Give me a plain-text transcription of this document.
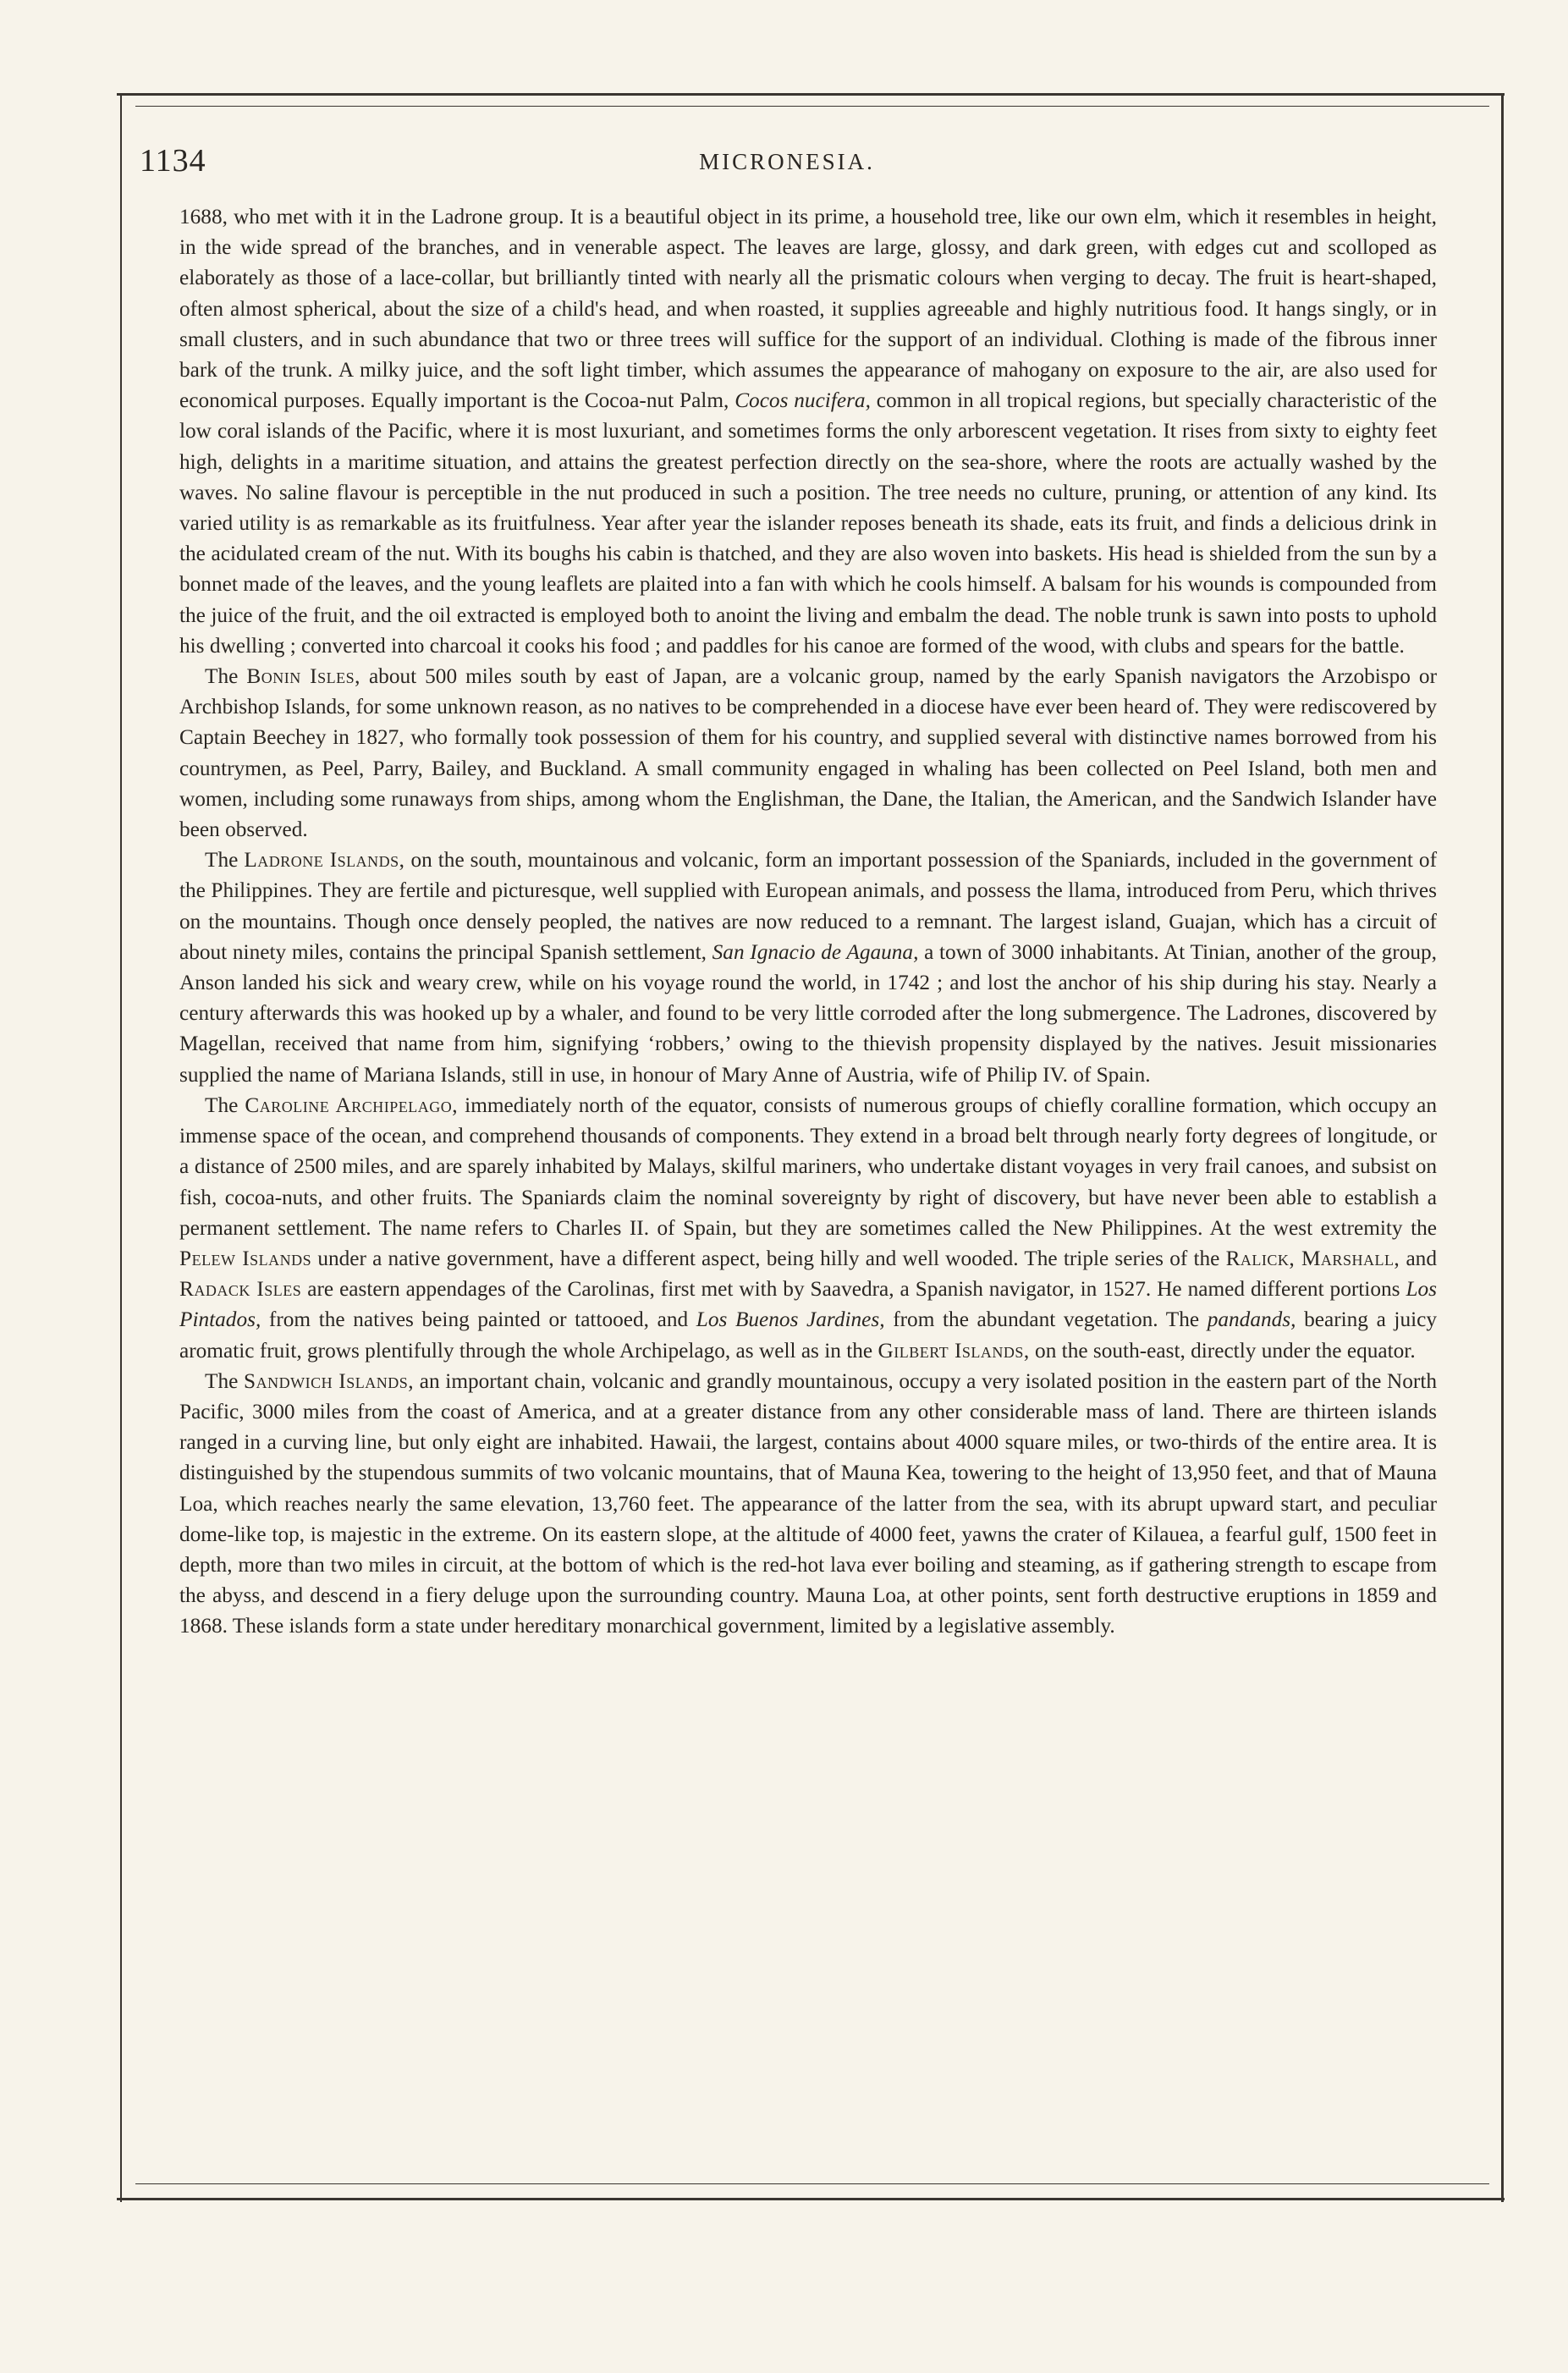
1134	MICRONESIA.

1688, who met with it in the Ladrone group. It is a beautiful object in its prime, a household tree, like our own elm, which it resembles in height, in the wide spread of the branches, and in venerable aspect. The leaves are large, glossy, and dark green, with edges cut and scolloped as elaborately as those of a lace-collar, but brilliantly tinted with nearly all the prismatic colours when verging to decay. The fruit is heart-shaped, often almost spherical, about the size of a child's head, and when roasted, it supplies agreeable and highly nutritious food. It hangs singly, or in small clusters, and in such abundance that two or three trees will suffice for the support of an individual. Clothing is made of the fibrous inner bark of the trunk. A milky juice, and the soft light timber, which assumes the appearance of mahogany on exposure to the air, are also used for economical purposes. Equally important is the Cocoa-nut Palm, Cocos nucifera, common in all tropical regions, but specially characteristic of the low coral islands of the Pacific, where it is most luxuriant, and sometimes forms the only arborescent vegetation. It rises from sixty to eighty feet high, delights in a maritime situation, and attains the greatest perfection directly on the sea-shore, where the roots are actually washed by the waves. No saline flavour is perceptible in the nut produced in such a position. The tree needs no culture, pruning, or attention of any kind. Its varied utility is as remarkable as its fruitfulness. Year after year the islander reposes beneath its shade, eats its fruit, and finds a delicious drink in the acidulated cream of the nut. With its boughs his cabin is thatched, and they are also woven into baskets. His head is shielded from the sun by a bonnet made of the leaves, and the young leaflets are plaited into a fan with which he cools himself. A balsam for his wounds is compounded from the juice of the fruit, and the oil extracted is employed both to anoint the living and embalm the dead. The noble trunk is sawn into posts to uphold his dwelling ; converted into charcoal it cooks his food ; and paddles for his canoe are formed of the wood, with clubs and spears for the battle.

The Bonin Isles, about 500 miles south by east of Japan, are a volcanic group, named by the early Spanish navigators the Arzobispo or Archbishop Islands, for some unknown reason, as no natives to be comprehended in a diocese have ever been heard of. They were rediscovered by Captain Beechey in 1827, who formally took possession of them for his country, and supplied several with distinctive names borrowed from his countrymen, as Peel, Parry, Bailey, and Buckland. A small community engaged in whaling has been collected on Peel Island, both men and women, including some runaways from ships, among whom the Englishman, the Dane, the Italian, the American, and the Sandwich Islander have been observed.

The Ladrone Islands, on the south, mountainous and volcanic, form an important possession of the Spaniards, included in the government of the Philippines. They are fertile and picturesque, well supplied with European animals, and possess the llama, introduced from Peru, which thrives on the mountains. Though once densely peopled, the natives are now reduced to a remnant. The largest island, Guajan, which has a circuit of about ninety miles, contains the principal Spanish settlement, San Ignacio de Agauna, a town of 3000 inhabitants. At Tinian, another of the group, Anson landed his sick and weary crew, while on his voyage round the world, in 1742 ; and lost the anchor of his ship during his stay. Nearly a century afterwards this was hooked up by a whaler, and found to be very little corroded after the long submergence. The Ladrones, discovered by Magellan, received that name from him, signifying ‘robbers,’ owing to the thievish propensity displayed by the natives. Jesuit missionaries supplied the name of Mariana Islands, still in use, in honour of Mary Anne of Austria, wife of Philip IV. of Spain.

The Caroline Archipelago, immediately north of the equator, consists of numerous groups of chiefly coralline formation, which occupy an immense space of the ocean, and comprehend thousands of components. They extend in a broad belt through nearly forty degrees of longitude, or a distance of 2500 miles, and are sparely inhabited by Malays, skilful mariners, who undertake distant voyages in very frail canoes, and subsist on fish, cocoa-nuts, and other fruits. The Spaniards claim the nominal sovereignty by right of discovery, but have never been able to establish a permanent settlement. The name refers to Charles II. of Spain, but they are sometimes called the New Philippines. At the west extremity the Pelew Islands under a native government, have a different aspect, being hilly and well wooded. The triple series of the Ralick, Marshall, and Radack Isles are eastern appendages of the Carolinas, first met with by Saavedra, a Spanish navigator, in 1527. He named different portions Los Pintados, from the natives being painted or tattooed, and Los Buenos Jardines, from the abundant vegetation. The pandands, bearing a juicy aromatic fruit, grows plentifully through the whole Archipelago, as well as in the Gilbert Islands, on the south-east, directly under the equator.

The Sandwich Islands, an important chain, volcanic and grandly mountainous, occupy a very isolated position in the eastern part of the North Pacific, 3000 miles from the coast of America, and at a greater distance from any other considerable mass of land. There are thirteen islands ranged in a curving line, but only eight are inhabited. Hawaii, the largest, contains about 4000 square miles, or two-thirds of the entire area. It is distinguished by the stupendous summits of two volcanic mountains, that of Mauna Kea, towering to the height of 13,950 feet, and that of Mauna Loa, which reaches nearly the same elevation, 13,760 feet. The appearance of the latter from the sea, with its abrupt upward start, and peculiar dome-like top, is majestic in the extreme. On its eastern slope, at the altitude of 4000 feet, yawns the crater of Kilauea, a fearful gulf, 1500 feet in depth, more than two miles in circuit, at the bottom of which is the red-hot lava ever boiling and steaming, as if gathering strength to escape from the abyss, and descend in a fiery deluge upon the surrounding country. Mauna Loa, at other points, sent forth destructive eruptions in 1859 and 1868. These islands form a state under hereditary monarchical government, limited by a legislative assembly.
